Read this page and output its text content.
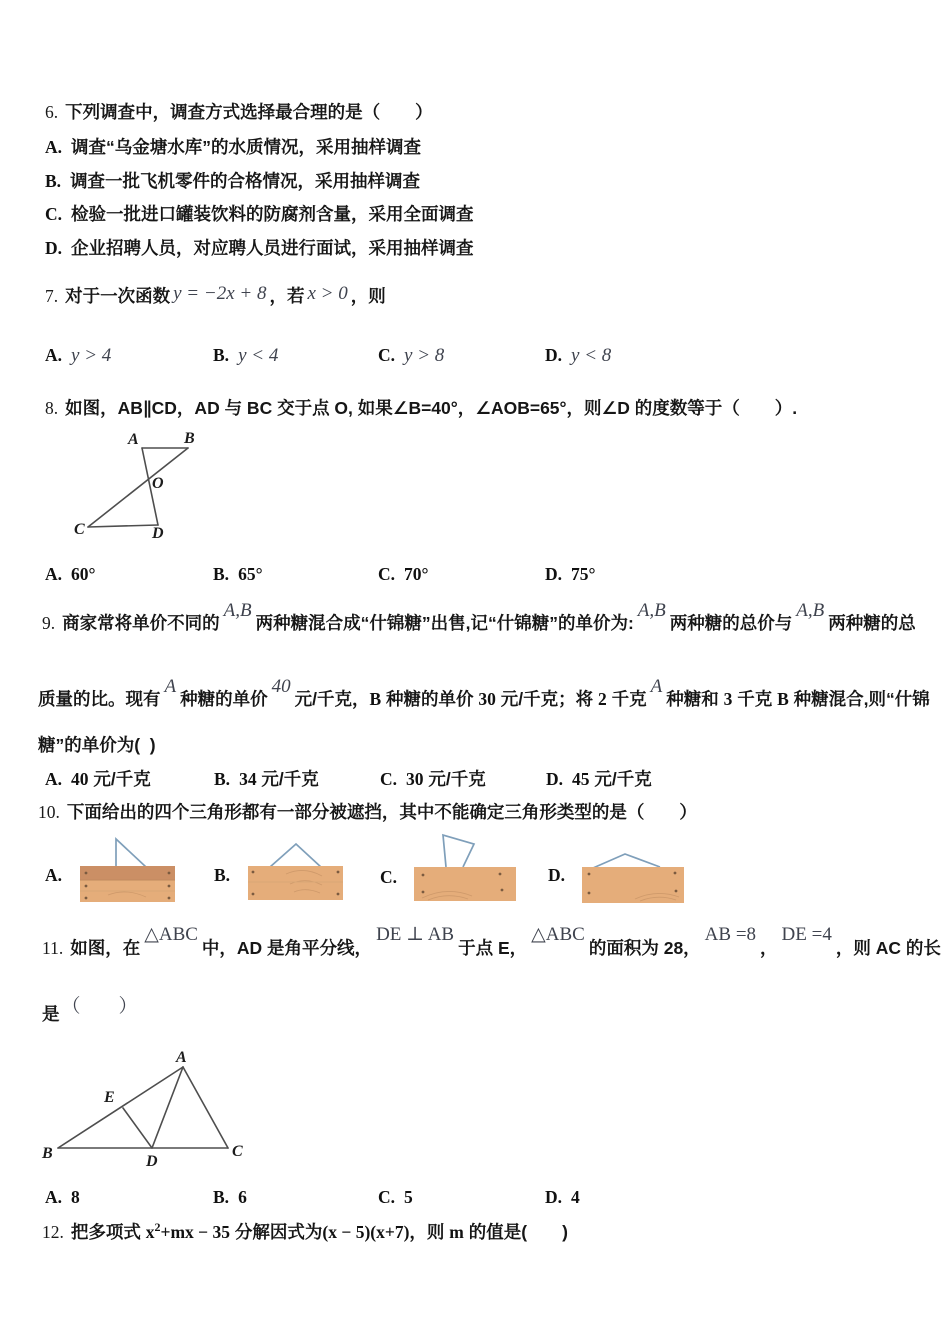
6. 下列调查中，调查方式选择最合理的是（　　）
A. 调查“乌金塘水库”的水质情况，采用抽样调查
B. 调查一批飞机零件的合格情况，采用抽样调查
C. 检验一批进口罐装饮料的防腐剂含量，采用全面调查
D. 企业招聘人员，对应聘人员进行面试，采用抽样调查
7. 对于一次函数 y = −2x + 8 ，若 x > 0 ，则
A. y > 4	B. y < 4	C. y > 8	D. y < 8
8. 如图，AB∥CD，AD 与 BC 交于点 O, 如果∠B=40°，∠AOB=65°，则∠D 的度数等于（　　）.
A	B
O
C	D
A. 60°	B. 65°	C. 70°	D. 75°
9. 商家常将单价不同的A,B两种糖混合成“什锦糖”出售,记“什锦糖”的单价为:A,B两种糖的总价与A,B两种糖的总
质量的比。现有A种糖的单价40元/千克，B 种糖的单价 30 元/千克；将 2 千克A种糖和 3 千克 B 种糖混合,则“什锦
糖”的单价为(  )
A. 40 元/千克	B. 34 元/千克	C. 30 元/千克	D. 45 元/千克
10. 下面给出的四个三角形都有一部分被遮挡，其中不能确定三角形类型的是（　　）
A.	B.	C.	D.
11. 如图，在△ABC中，AD 是角平分线，DE ⊥ AB于点 E，△ABC的面积为 28，AB =8，DE =4，则 AC 的长
是 （　　）
A
B	C
D
E
A. 8	B. 6	C. 5	D. 4
12. 把多项式 $x^2+mx - 35$ 分解因式为(x − 5)(x+7)，则 m 的值是(　　)
